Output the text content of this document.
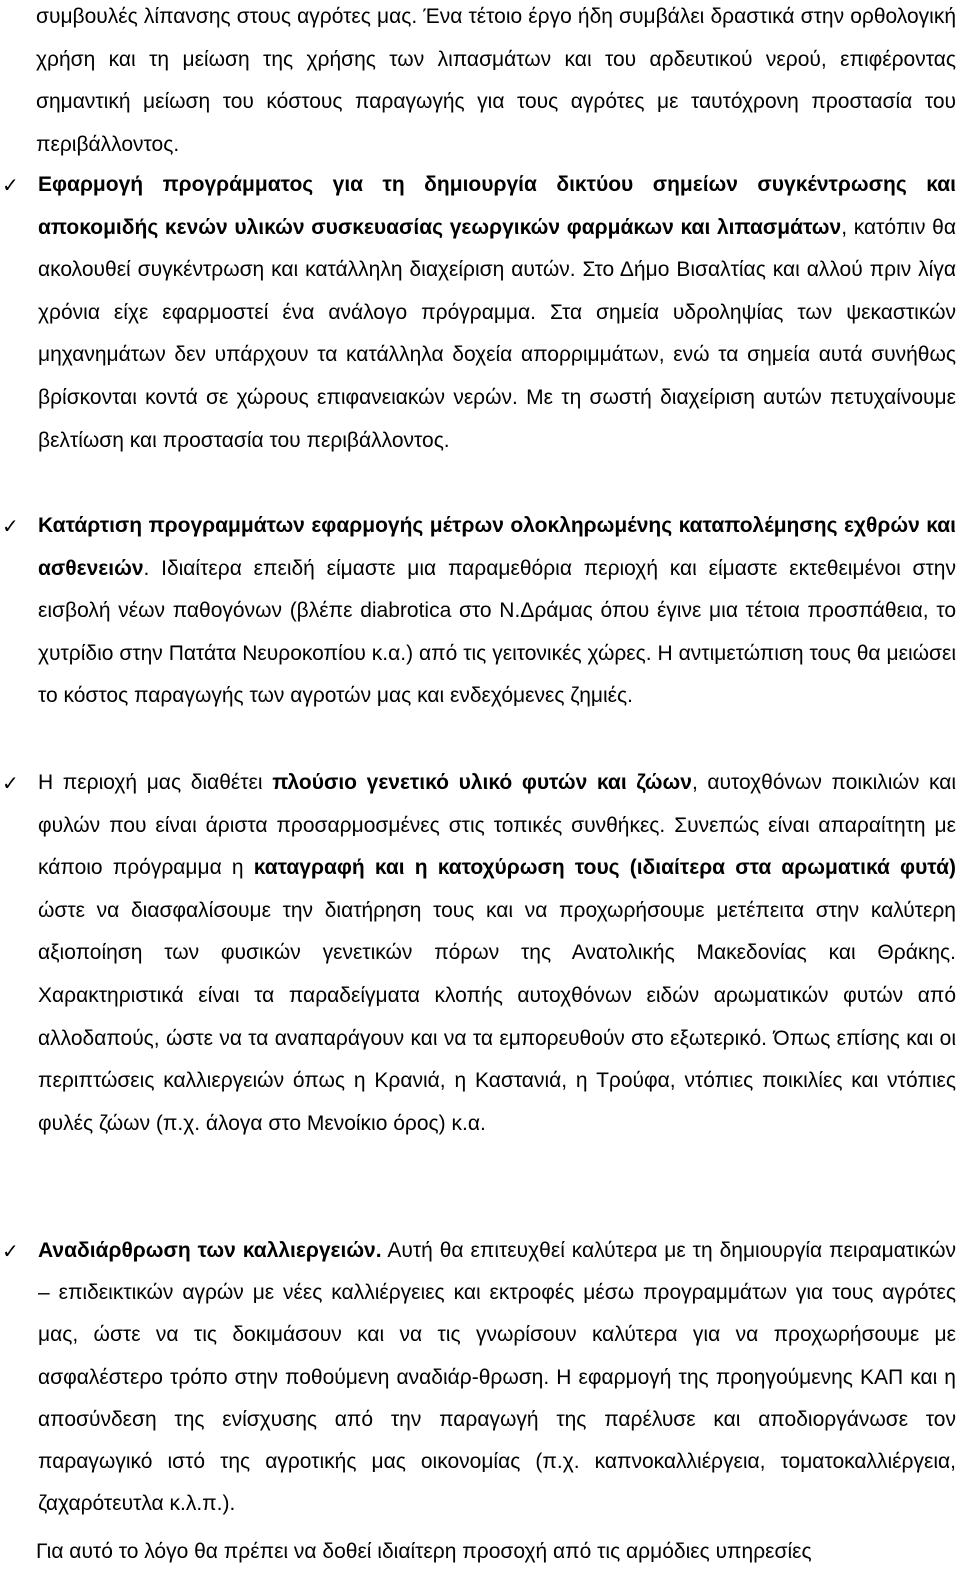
συμβουλές λίπανσης στους αγρότες μας. Ένα τέτοιο έργο ήδη συμβάλει δραστικά στην ορθολογική χρήση και τη μείωση της χρήσης των λιπασμάτων και του αρδευτικού νερού, επιφέροντας σημαντική μείωση του κόστους παραγωγής για τους αγρότες με ταυτόχρονη προστασία του περιβάλλοντος.

✓ Εφαρμογή προγράμματος για τη δημιουργία δικτύου σημείων συγκέντρωσης και αποκομιδής κενών υλικών συσκευασίας γεωργικών φαρμάκων και λιπασμάτων, κατόπιν θα ακολουθεί συγκέντρωση και κατάλληλη διαχείριση αυτών. Στο Δήμο Βισαλτίας και αλλού πριν λίγα χρόνια είχε εφαρμοστεί ένα ανάλογο πρόγραμμα. Στα σημεία υδροληψίας των ψεκαστικών μηχανημάτων δεν υπάρχουν τα κατάλληλα δοχεία απορριμμάτων, ενώ τα σημεία αυτά συνήθως βρίσκονται κοντά σε χώρους επιφανειακών νερών. Με τη σωστή διαχείριση αυτών πετυχαίνουμε βελτίωση και προστασία του περιβάλλοντος.
✓ Κατάρτιση προγραμμάτων εφαρμογής μέτρων ολοκληρωμένης καταπολέμησης εχθρών και ασθενειών. Ιδιαίτερα επειδή είμαστε μια παραμεθόρια περιοχή και είμαστε εκτεθειμένοι στην εισβολή νέων παθογόνων (βλέπε diabrotica στο Ν.Δράμας όπου έγινε μια τέτοια προσπάθεια, το χυτρίδιο στην Πατάτα Νευροκοπίου κ.α.) από τις γειτονικές χώρες. Η αντιμετώπιση τους θα μειώσει το κόστος παραγωγής των αγροτών μας και ενδεχόμενες ζημιές.
✓ Η περιοχή μας διαθέτει πλούσιο γενετικό υλικό φυτών και ζώων, αυτοχθόνων ποικιλιών και φυλών που είναι άριστα προσαρμοσμένες στις τοπικές συνθήκες. Συνεπώς είναι απαραίτητη με κάποιο πρόγραμμα η καταγραφή και η κατοχύρωση τους (ιδιαίτερα στα αρωματικά φυτά) ώστε να διασφαλίσουμε την διατήρηση τους και να προχωρήσουμε μετέπειτα στην καλύτερη αξιοποίηση των φυσικών γενετικών πόρων της Ανατολικής Μακεδονίας και Θράκης. Χαρακτηριστικά είναι τα παραδείγματα κλοπής αυτοχθόνων ειδών αρωματικών φυτών από αλλοδαπούς, ώστε να τα αναπαράγουν και να τα εμπορευθούν στο εξωτερικό. Όπως επίσης και οι περιπτώσεις καλλιεργειών όπως η Κρανιά, η Καστανιά, η Τρούφα, ντόπιες ποικιλίες και ντόπιες φυλές ζώων (π.χ. άλογα στο Μενοίκιο όρος) κ.α.
✓ Αναδιάρθρωση των καλλιεργειών. Αυτή θα επιτευχθεί καλύτερα με τη δημιουργία πειραματικών – επιδεικτικών αγρών με νέες καλλιέργειες και εκτροφές μέσω προγραμμάτων για τους αγρότες μας, ώστε να τις δοκιμάσουν και να τις γνωρίσουν καλύτερα για να προχωρήσουμε με ασφαλέστερο τρόπο στην ποθούμενη αναδιάρ-θρωση. Η εφαρμογή της προηγούμενης ΚΑΠ και η αποσύνδεση της ενίσχυσης από την παραγωγή της παρέλυσε και αποδιοργάνωσε τον παραγωγικό ιστό της αγροτικής μας οικονομίας (π.χ. καπνοκαλλιέργεια, τοματοκαλλιέργεια, ζαχαρότευτλα κ.λ.π.).

Για αυτό το λόγο θα πρέπει να δοθεί ιδιαίτερη προσοχή από τις αρμόδιες υπηρεσίες
